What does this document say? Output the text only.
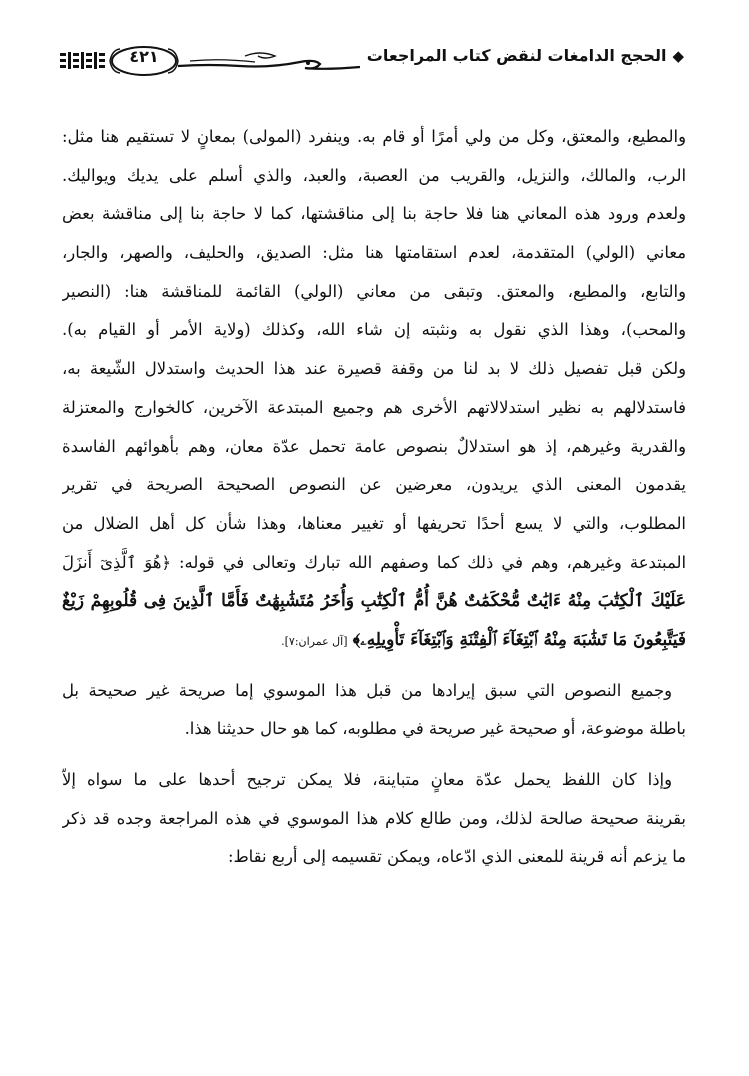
◆الحجج الدامغات لنقض كتاب المراجعات
٤٢١
والمطيع، والمعتق، وكل من ولي أمرًا أو قام به. وينفرد (المولى) بمعانٍ لا تستقيم هنا مثل:
الرب، والمالك، والنزيل، والقريب من العصبة، والعبد، والذي أسلم على يديك ويواليك.
ولعدم ورود هذه المعاني هنا فلا حاجة بنا إلى مناقشتها، كما لا حاجة بنا إلى مناقشة بعض
معاني (الولي) المتقدمة، لعدم استقامتها هنا مثل: الصديق، والحليف، والصهر، والجار،
والتابع، والمطيع، والمعتق. وتبقى من معاني (الولي) القائمة للمناقشة هنا: (النصير
والمحب)، وهذا الذي نقول به ونثبته إن شاء الله، وكذلك (ولاية الأمر أو القيام به).
ولكن قبل تفصيل ذلك لا بد لنا من وقفة قصيرة عند هذا الحديث واستدلال الشّيعة به،
فاستدلالهم به نظير استدلالاتهم الأخرى هم وجميع المبتدعة الآخرين، كالخوارج والمعتزلة
والقدرية وغيرهم، إذ هو استدلالٌ بنصوص عامة تحمل عدّة معان، وهم بأهوائهم الفاسدة
يقدمون المعنى الذي يريدون، معرضين عن النصوص الصحيحة الصريحة في تقرير
المطلوب، والتي لا يسع أحدًا تحريفها أو تغيير معناها، وهذا شأن كل أهل الضلال من
المبتدعة وغيرهم، وهم في ذلك كما وصفهم الله تبارك وتعالى في قوله: ﴿هُوَ ٱلَّذِىٓ أَنزَلَ
عَلَيْكَ ٱلْكِتَٰبَ مِنْهُ ءَايَٰتٌ مُّحْكَمَٰتٌ هُنَّ أُمُّ ٱلْكِتَٰبِ وَأُخَرُ مُتَشَٰبِهَٰتٌ فَأَمَّا ٱلَّذِينَ فِى قُلُوبِهِمْ زَيْغٌ
فَيَتَّبِعُونَ مَا تَشَٰبَهَ مِنْهُ ٱبْتِغَآءَ ٱلْفِتْنَةِ وَٱبْتِغَآءَ تَأْوِيلِهِۦ﴾ [آل عمران:٧].
وجميع النصوص التي سبق إيرادها من قبل هذا الموسوي إما صريحة غير صحيحة بل
باطلة موضوعة، أو صحيحة غير صريحة في مطلوبه، كما هو حال حديثنا هذا.
وإذا كان اللفظ يحمل عدّة معانٍ متباينة، فلا يمكن ترجيح أحدها على ما سواه إلاّ
بقرينة صحيحة صالحة لذلك، ومن طالع كلام هذا الموسوي في هذه المراجعة وجده قد ذكر
ما يزعم أنه قرينة للمعنى الذي ادّعاه، ويمكن تقسيمه إلى أربع نقاط:
